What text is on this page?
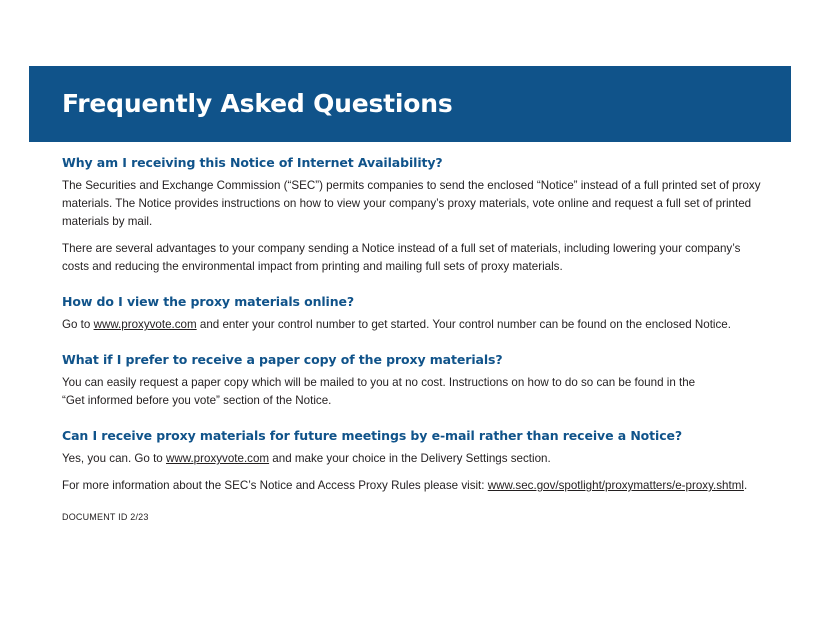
Frequently Asked Questions
Why am I receiving this Notice of Internet Availability?

The Securities and Exchange Commission (“SEC”) permits companies to send the enclosed “Notice” instead of a full printed set of proxy materials. The Notice provides instructions on how to view your company’s proxy materials, vote online and request a full set of printed materials by mail.

There are several advantages to your company sending a Notice instead of a full set of materials, including lowering your company’s costs and reducing the environmental impact from printing and mailing full sets of proxy materials.

How do I view the proxy materials online?

Go to www.proxyvote.com and enter your control number to get started. Your control number can be found on the enclosed Notice.

What if I prefer to receive a paper copy of the proxy materials?

You can easily request a paper copy which will be mailed to you at no cost. Instructions on how to do so can be found in the
“Get informed before you vote” section of the Notice.

Can I receive proxy materials for future meetings by e-mail rather than receive a Notice?

Yes, you can. Go to www.proxyvote.com and make your choice in the Delivery Settings section.

For more information about the SEC’s Notice and Access Proxy Rules please visit: www.sec.gov/spotlight/proxymatters/e-proxy.shtml.

DOCUMENT ID 2/23
